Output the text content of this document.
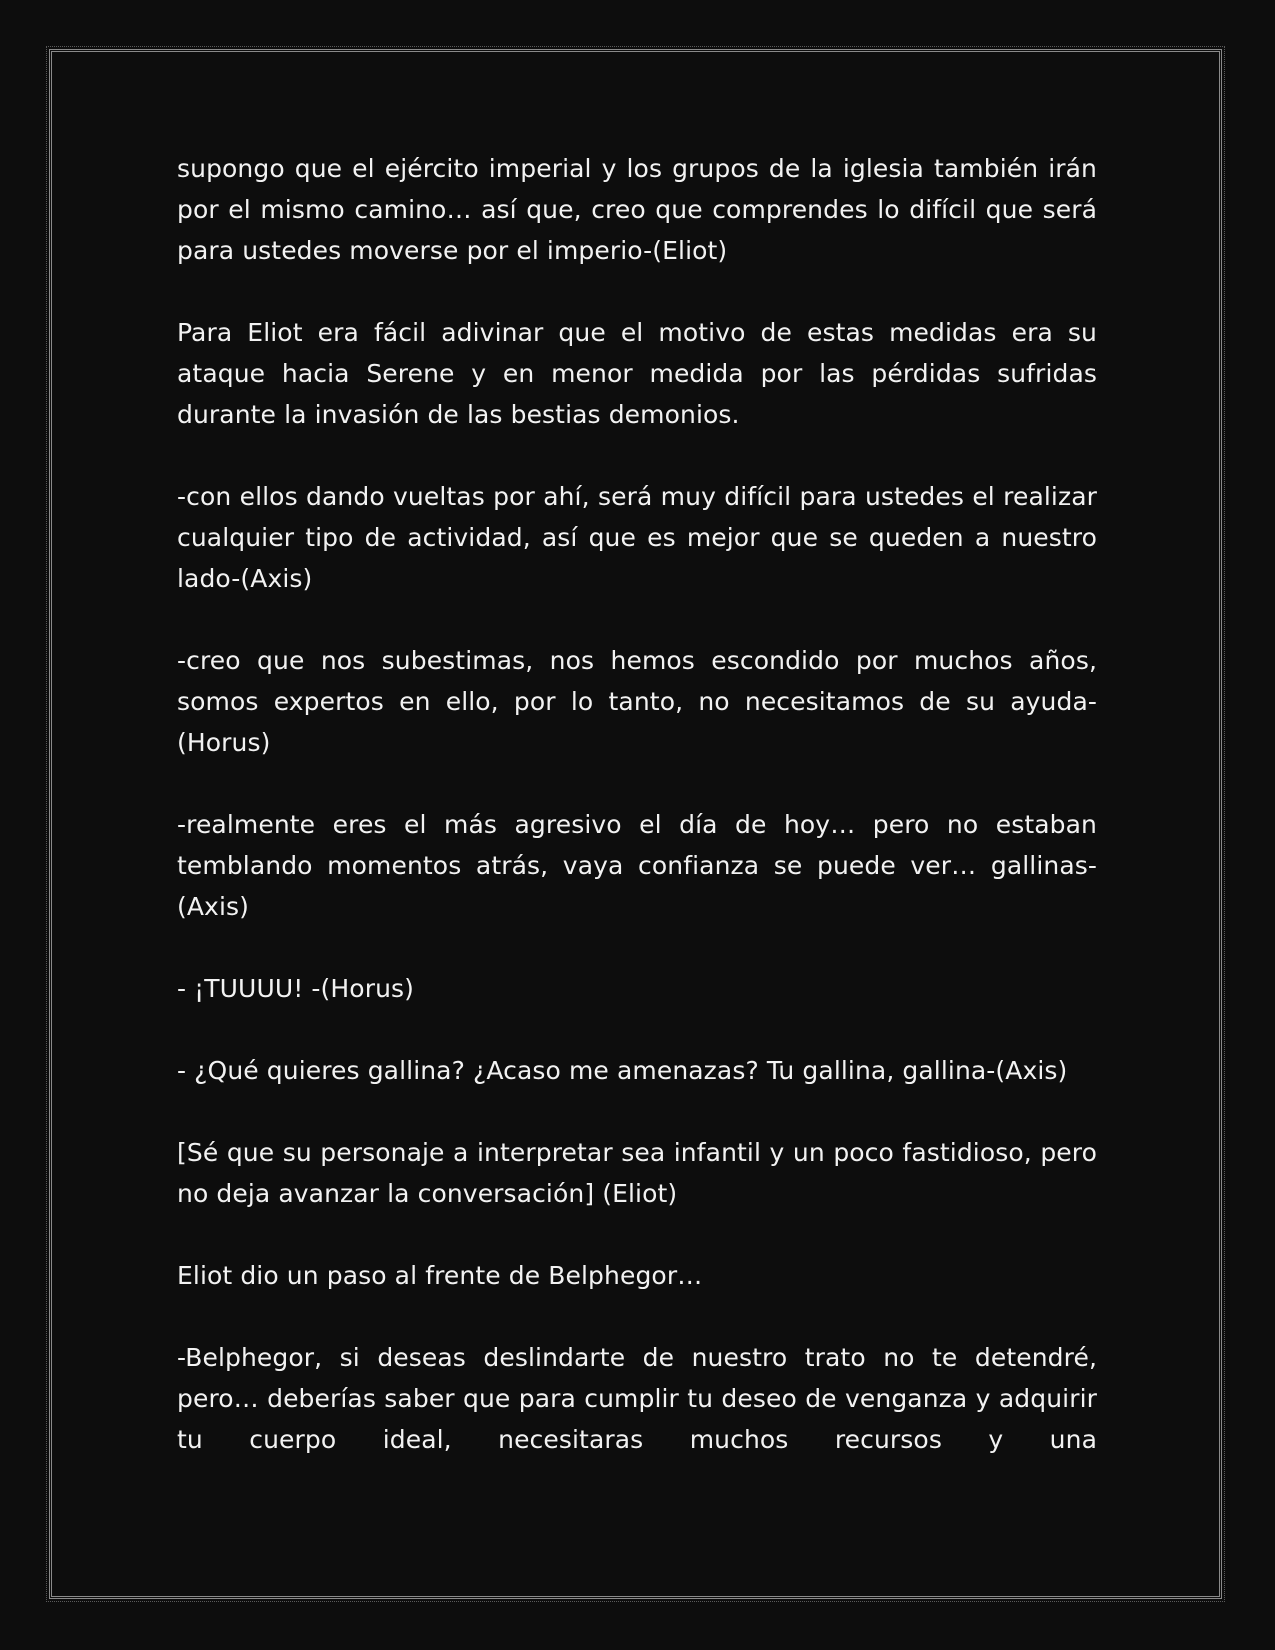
supongo que el ejército imperial y los grupos de la iglesia también irán por el mismo camino… así que, creo que comprendes lo difícil que será para ustedes moverse por el imperio-(Eliot)

Para Eliot era fácil adivinar que el motivo de estas medidas era su ataque hacia Serene y en menor medida por las pérdidas sufridas durante la invasión de las bestias demonios.

-con ellos dando vueltas por ahí, será muy difícil para ustedes el realizar cualquier tipo de actividad, así que es mejor que se queden a nuestro lado-(Axis)

-creo que nos subestimas, nos hemos escondido por muchos años, somos expertos en ello, por lo tanto, no necesitamos de su ayuda-(Horus)

-realmente eres el más agresivo el día de hoy… pero no estaban temblando momentos atrás, vaya confianza se puede ver… gallinas-(Axis)

- ¡TUUUU! -(Horus)

- ¿Qué quieres gallina? ¿Acaso me amenazas? Tu gallina, gallina-(Axis)

[Sé que su personaje a interpretar sea infantil y un poco fastidioso, pero no deja avanzar la conversación] (Eliot)

Eliot dio un paso al frente de Belphegor…

-Belphegor, si deseas deslindarte de nuestro trato no te detendré, pero… deberías saber que para cumplir tu deseo de venganza y adquirir tu cuerpo ideal, necesitaras muchos recursos y una
